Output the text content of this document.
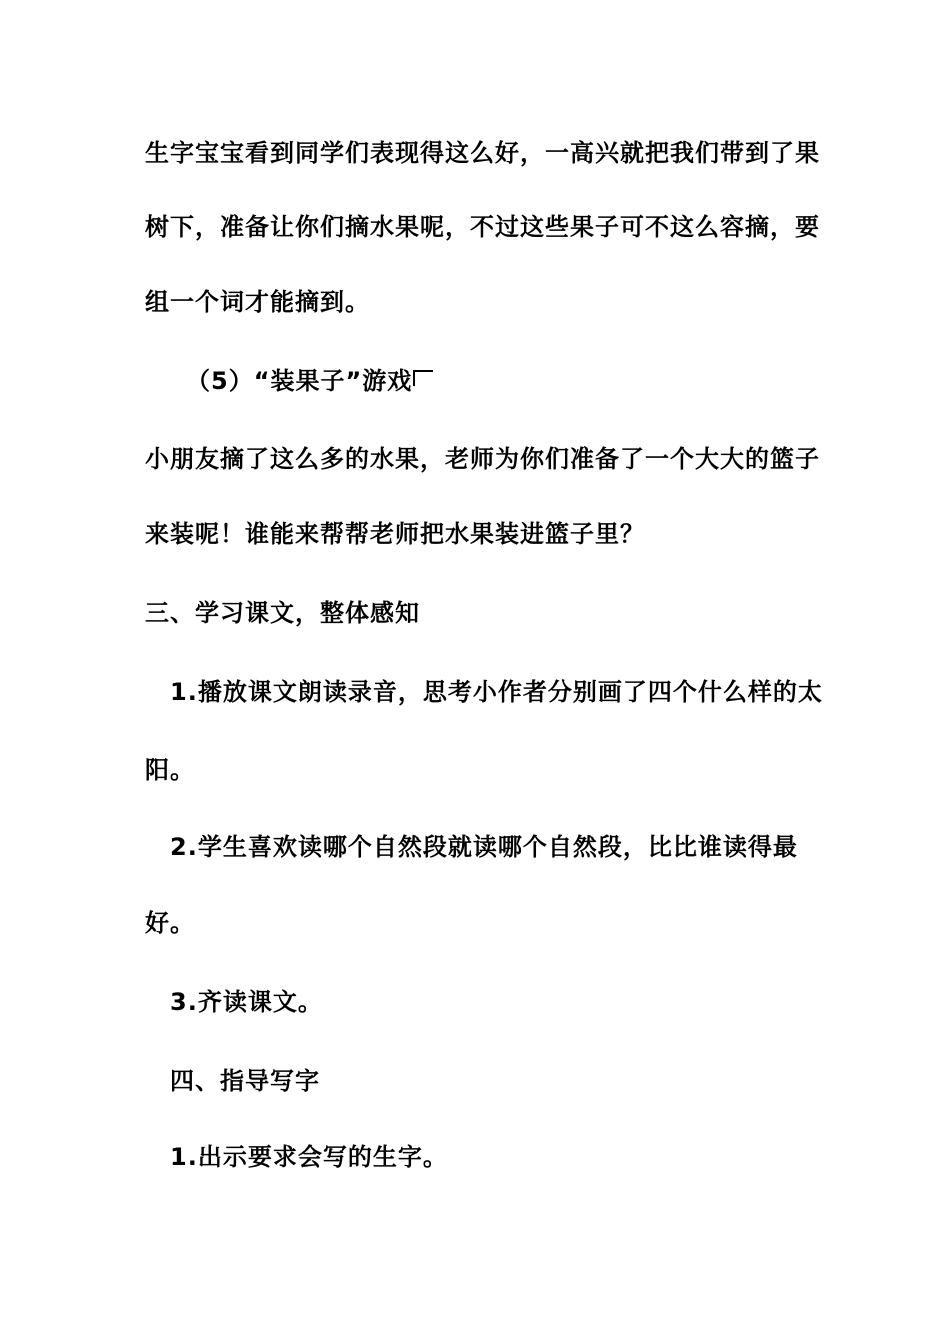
生字宝宝看到同学们表现得这么好，一高兴就把我们带到了果
树下，准备让你们摘水果呢，不过这些果子可不这么容摘，要
组一个词才能摘到。
（5）“装果子”游戏
小朋友摘了这么多的水果，老师为你们准备了一个大大的篮子
来装呢！谁能来帮帮老师把水果装进篮子里？
三、学习课文，整体感知
1.播放课文朗读录音，思考小作者分别画了四个什么样的太
阳。
2.学生喜欢读哪个自然段就读哪个自然段，比比谁读得最
好。
3.齐读课文。
四、指导写字
1.出示要求会写的生字。
